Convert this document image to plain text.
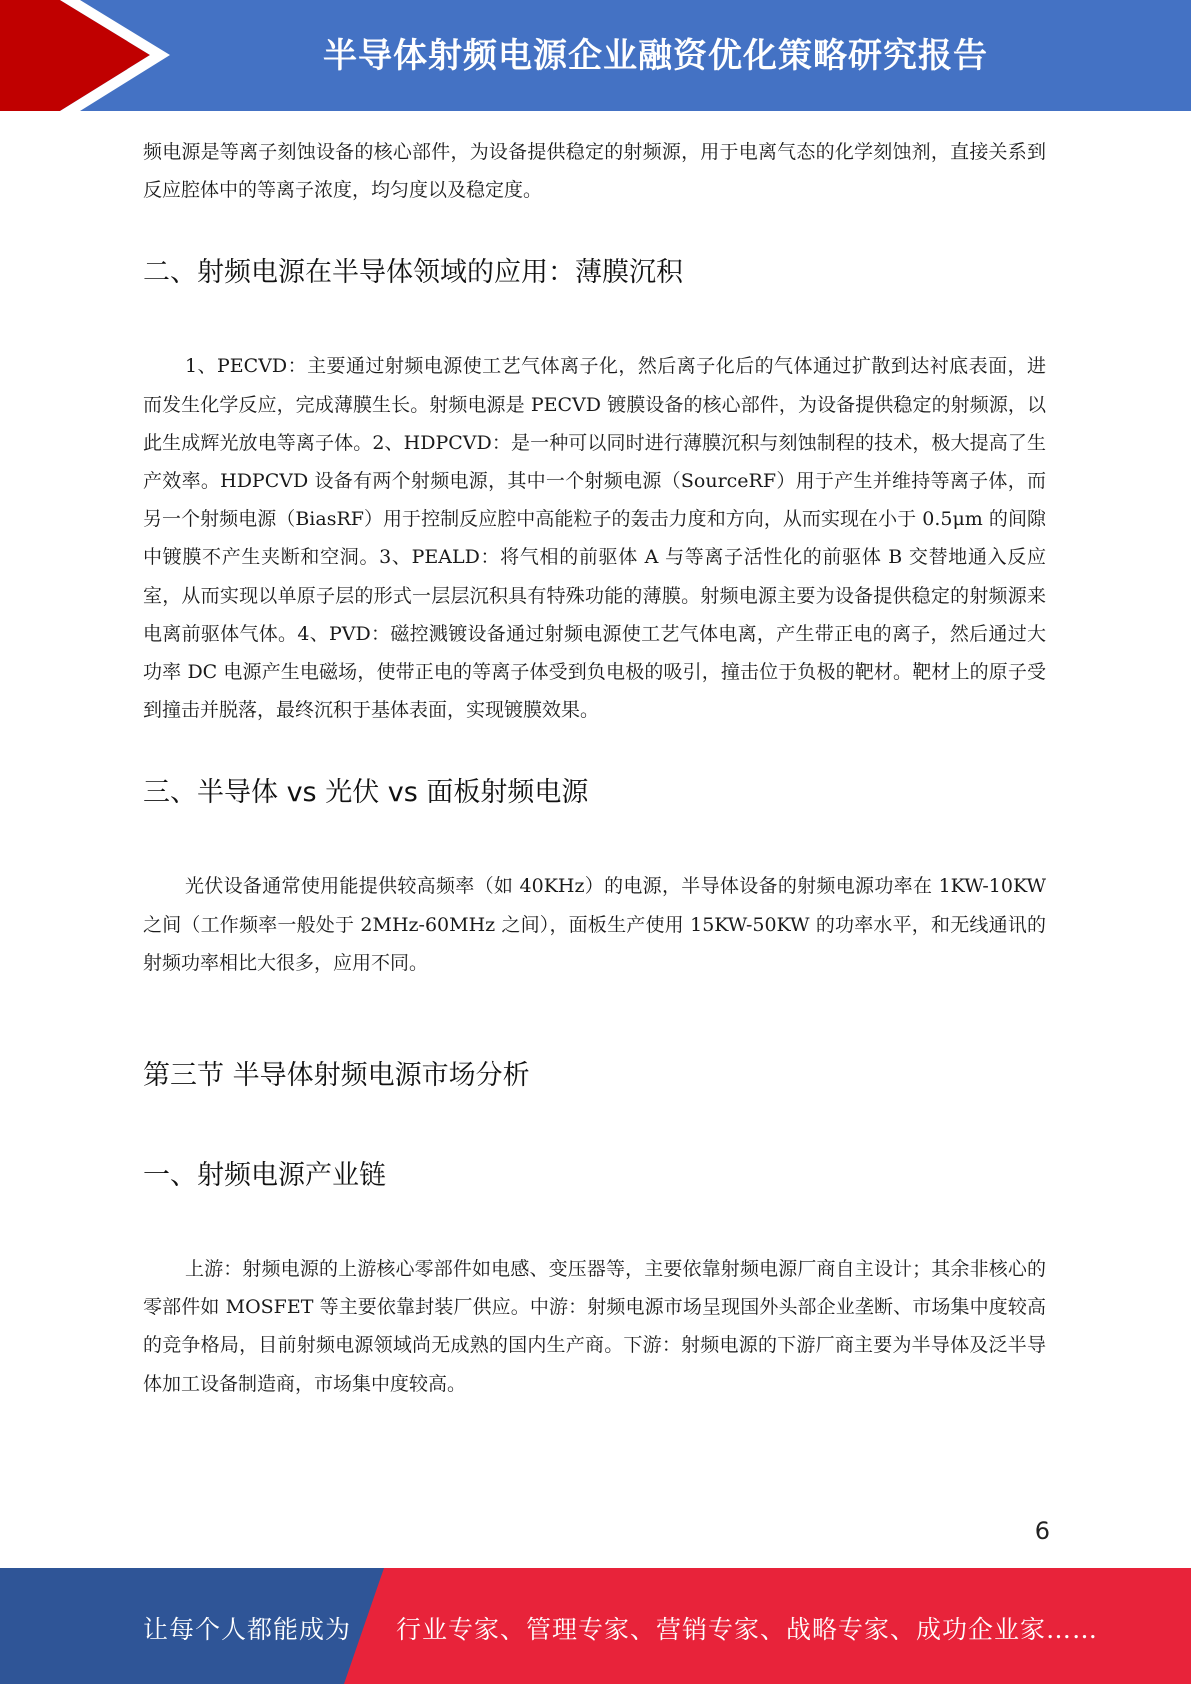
半导体射频电源企业融资优化策略研究报告

频电源是等离子刻蚀设备的核心部件，为设备提供稳定的射频源，用于电离气态的化学刻蚀剂，直接关系到反应腔体中的等离子浓度，均匀度以及稳定度。

二、射频电源在半导体领域的应用：薄膜沉积

1、PECVD：主要通过射频电源使工艺气体离子化，然后离子化后的气体通过扩散到达衬底表面，进而发生化学反应，完成薄膜生长。射频电源是 PECVD 镀膜设备的核心部件，为设备提供稳定的射频源，以此生成辉光放电等离子体。2、HDPCVD：是一种可以同时进行薄膜沉积与刻蚀制程的技术，极大提高了生产效率。HDPCVD 设备有两个射频电源，其中一个射频电源（SourceRF）用于产生并维持等离子体，而另一个射频电源（BiasRF）用于控制反应腔中高能粒子的轰击力度和方向，从而实现在小于 0.5μm 的间隙中镀膜不产生夹断和空洞。3、PEALD：将气相的前驱体 A 与等离子活性化的前驱体 B 交替地通入反应室，从而实现以单原子层的形式一层层沉积具有特殊功能的薄膜。射频电源主要为设备提供稳定的射频源来电离前驱体气体。4、PVD：磁控溅镀设备通过射频电源使工艺气体电离，产生带正电的离子，然后通过大功率 DC 电源产生电磁场，使带正电的等离子体受到负电极的吸引，撞击位于负极的靶材。靶材上的原子受到撞击并脱落，最终沉积于基体表面，实现镀膜效果。

三、半导体 vs 光伏 vs 面板射频电源

光伏设备通常使用能提供较高频率（如 40KHz）的电源，半导体设备的射频电源功率在 1KW-10KW 之间（工作频率一般处于 2MHz-60MHz 之间），面板生产使用 15KW-50KW 的功率水平，和无线通讯的射频功率相比大很多，应用不同。

第三节 半导体射频电源市场分析
一、射频电源产业链

上游：射频电源的上游核心零部件如电感、变压器等，主要依靠射频电源厂商自主设计；其余非核心的零部件如 MOSFET 等主要依靠封装厂供应。中游：射频电源市场呈现国外头部企业垄断、市场集中度较高的竞争格局，目前射频电源领域尚无成熟的国内生产商。下游：射频电源的下游厂商主要为半导体及泛半导体加工设备制造商，市场集中度较高。

6
让每个人都能成为 行业专家、管理专家、营销专家、战略专家、成功企业家……
